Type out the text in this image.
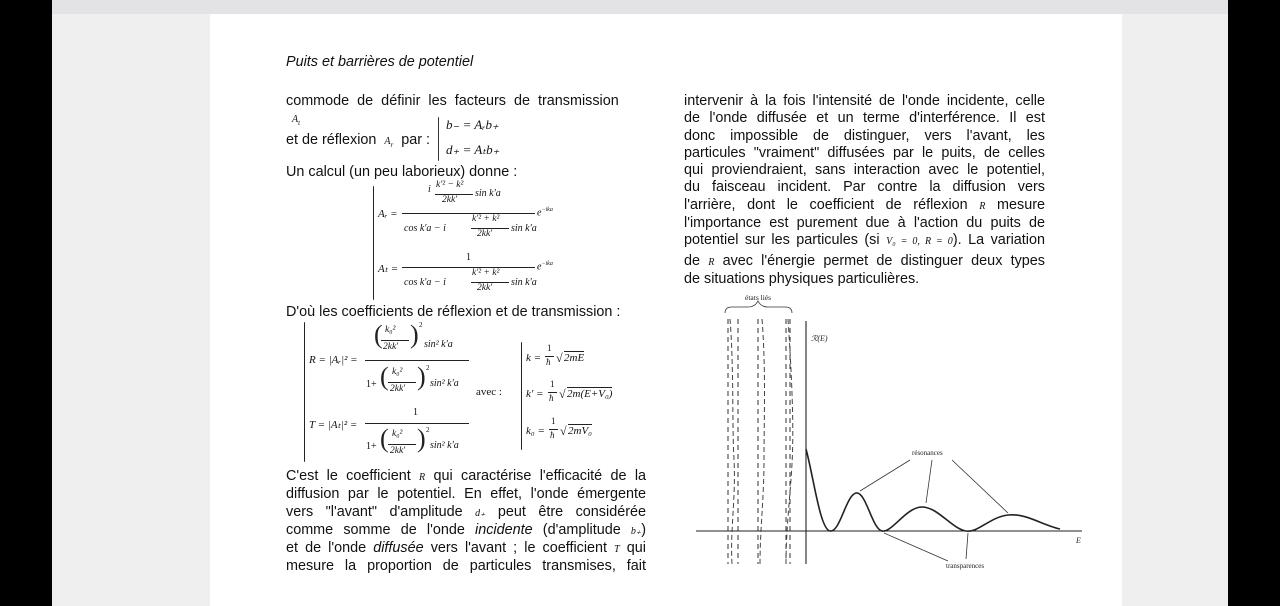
Puits et barrières de potentiel
commode de définir les facteurs de transmission $A_t$
et de réflexion $A_r$ par :
b₋ = Aᵣb₊
d₊ = Aₜb₊
Un calcul (un peu laborieux) donne :
Aᵣ =
i k'² − k²
2kk'
sin k'a
cos k'a − i
k'² + k²
2kk' sin k'a
$e^{-ika}$
Aₜ =
1
cos k'a − i
k'² + k²
2kk' sin k'a
$e^{-ika}$
D'où les coefficients de réflexion et de transmission :
R = |Aᵣ|² =
( k₀²
2kk' ) 2
sin² k'a
1+ ( k₀²
2kk' ) 2
sin² k'a
T = |Aₜ|² =
1
1+ ( k₀²
2kk' ) 2
sin² k'a
avec :
k =
1
ħ √ 2mE
k' =
1
ħ √ 2m(E+V₀)
k₀ =
1
ħ √ 2mV₀
C'est le coefficient R qui caractérise l'efficacité de la
diffusion par le potentiel. En effet, l'onde émergente
vers "l'avant" d'amplitude d₊ peut être considérée
comme somme de l'onde incidente (d'amplitude b₊)
et de l'onde diffusée vers l'avant ; le coefficient T qui
mesure la proportion de particules transmises, fait
intervenir à la fois l'intensité de l'onde incidente, celle
de l'onde diffusée et un terme d'interférence. Il est
donc impossible de distinguer, vers l'avant, les
particules "vraiment" diffusées par le puits, de celles
qui proviendraient, sans interaction avec le potentiel,
du faisceau incident. Par contre la diffusion vers
l'arrière, dont le coefficient de réflexion R mesure
l'importance est purement due à l'action du puits de
potentiel sur les particules (si V₀ = 0, R = 0). La variation
de R avec l'énergie permet de distinguer deux types
de situations physiques particulières.
états liés
ℛ(E)
E
résonances
transparences
